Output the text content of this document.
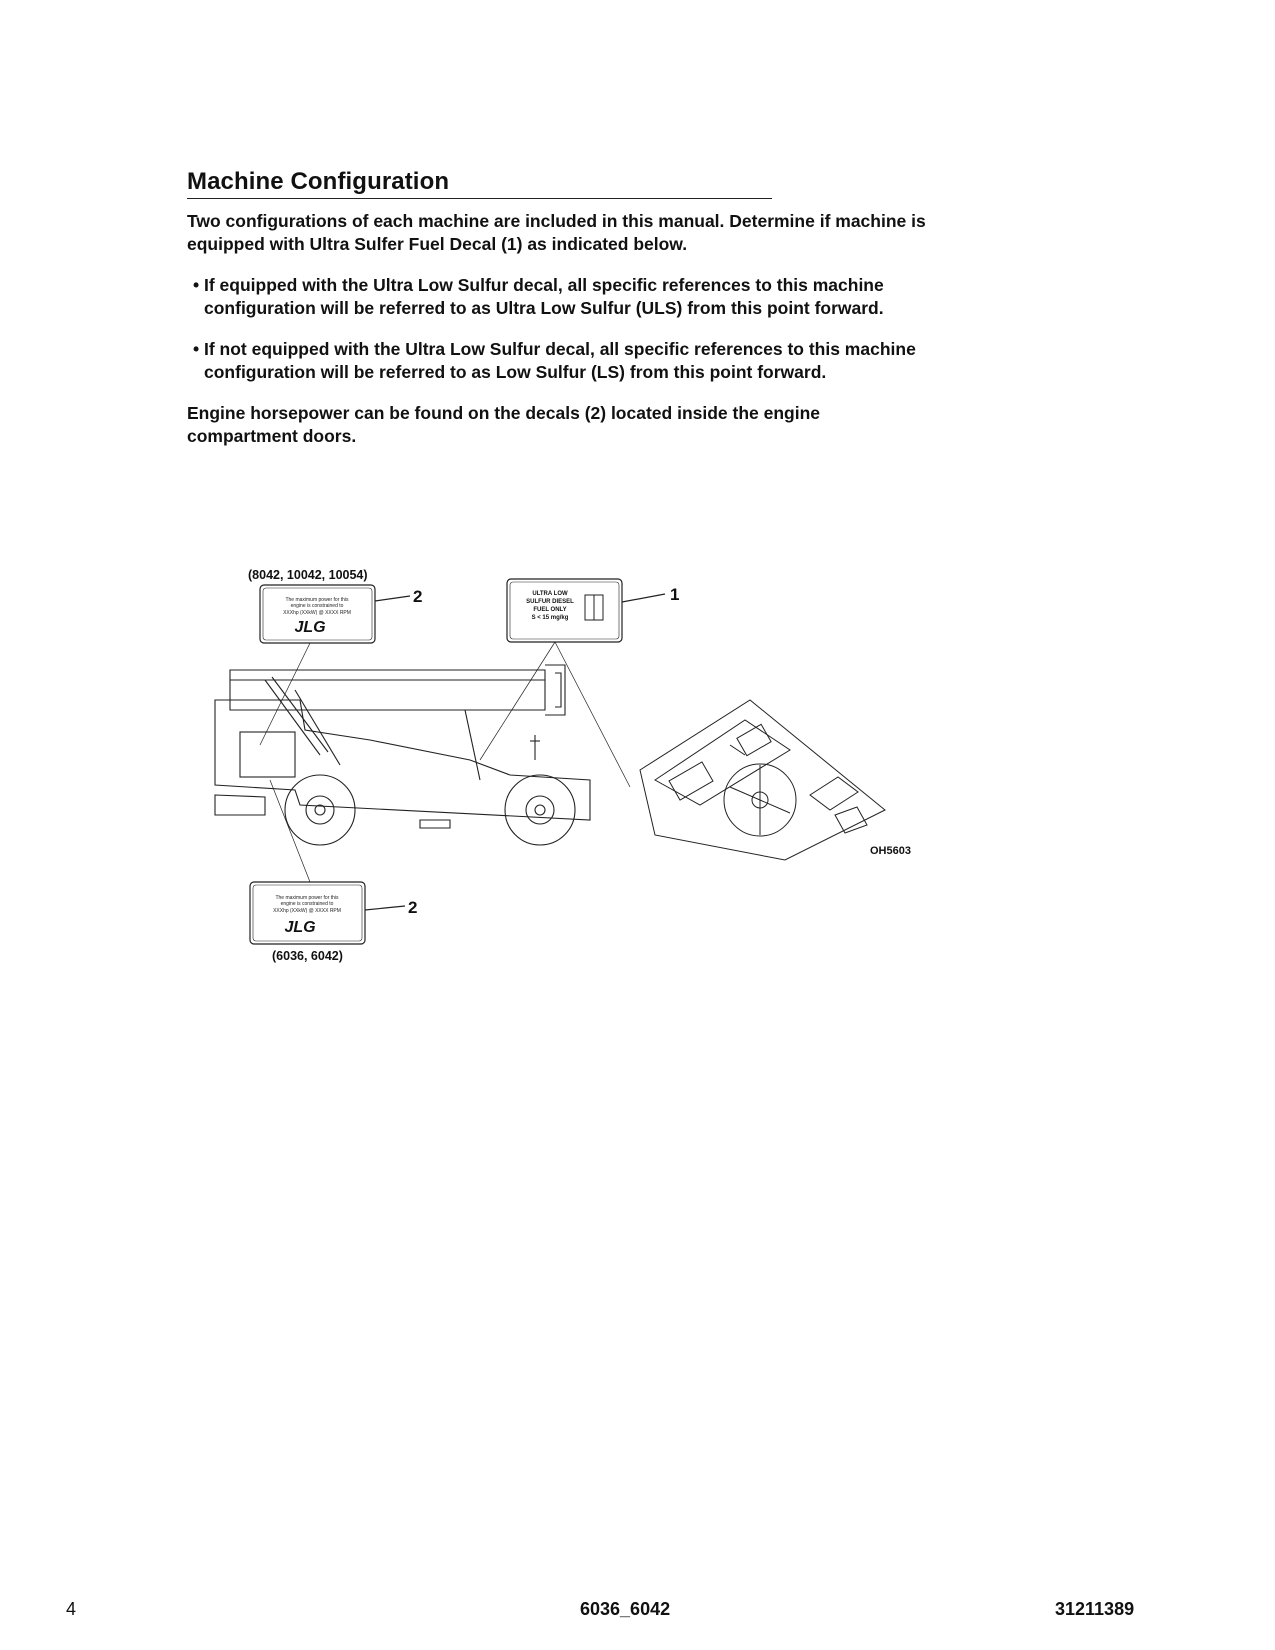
Machine Configuration

Two configurations of each machine are included in this manual. Determine if machine is equipped with Ultra Sulfer Fuel Decal (1) as indicated below.

• If equipped with the Ultra Low Sulfur decal, all specific references to this machine configuration will be referred to as Ultra Low Sulfur (ULS) from this point forward.
• If not equipped with the Ultra Low Sulfur decal, all specific references to this machine configuration will be referred to as Low Sulfur (LS) from this point forward.

Engine horsepower can be found on the decals (2) located inside the engine compartment doors.

(8042, 10042, 10054)
The maximum power for this
engine is constrained to
XXXhp (XXkW) @ XXXX RPM
JLG
ULTRA LOW
SULFUR DIESEL
FUEL ONLY
S < 15 mg/kg
The maximum power for this
engine is constrained to
XXXhp (XXkW) @ XXXX RPM
JLG
2	1
2
(6036, 6042)
OH5603
4	6036_6042	31211389
